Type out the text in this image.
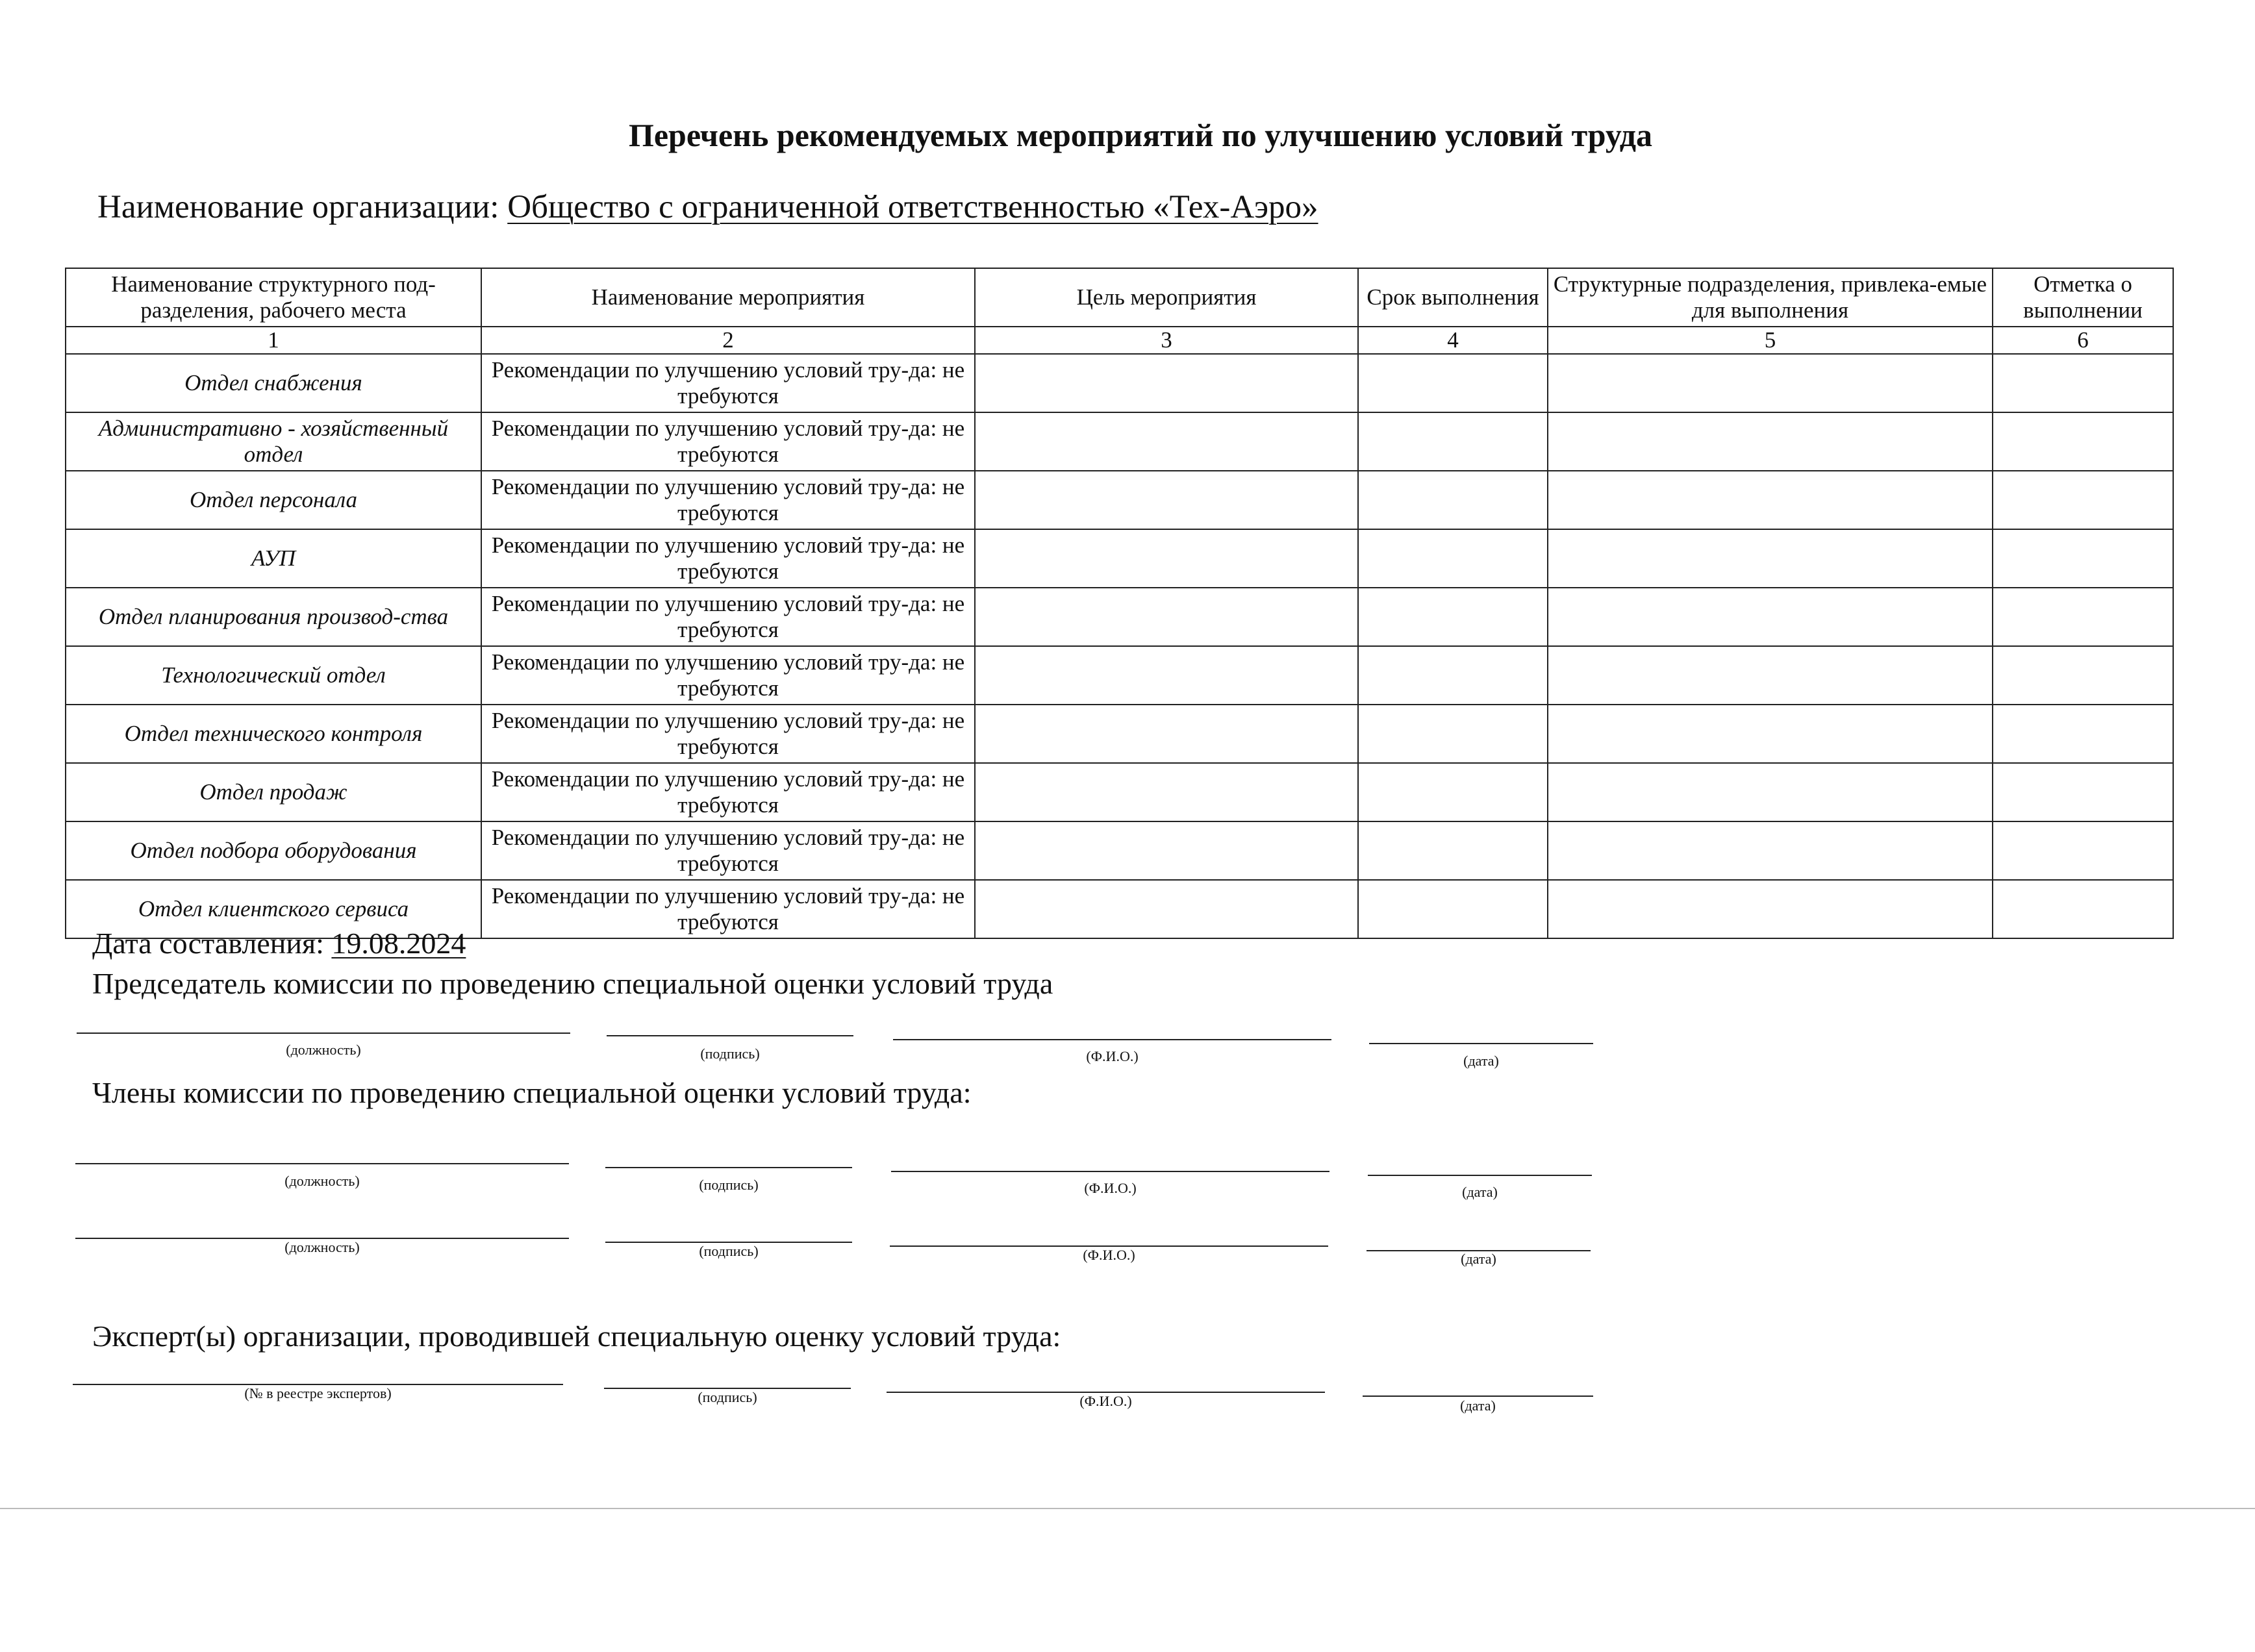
Перечень рекомендуемых мероприятий по улучшению условий труда
Наименование организации: Общество с ограниченной ответственностью «Тех-Аэро»
Наименование структурного под-разделения, рабочего места	Наименование мероприятия	Цель мероприятия	Срок выполнения	Структурные подразделения, привлека-емые для выполнения	Отметка о выполнении
1	2	3	4	5	6
Отдел снабжения	Рекомендации по улучшению условий тру-да: не требуются				
Административно - хозяйственный отдел	Рекомендации по улучшению условий тру-да: не требуются				
Отдел персонала	Рекомендации по улучшению условий тру-да: не требуются				
АУП	Рекомендации по улучшению условий тру-да: не требуются				
Отдел планирования производ-ства	Рекомендации по улучшению условий тру-да: не требуются				
Технологический отдел	Рекомендации по улучшению условий тру-да: не требуются				
Отдел технического контроля	Рекомендации по улучшению условий тру-да: не требуются				
Отдел продаж	Рекомендации по улучшению условий тру-да: не требуются				
Отдел подбора оборудования	Рекомендации по улучшению условий тру-да: не требуются				
Отдел клиентского сервиса	Рекомендации по улучшению условий тру-да: не требуются				
Дата составления: 19.08.2024
Председатель комиссии по проведению специальной оценки условий труда
(должность)	(подпись)	(Ф.И.О.)	(дата)
Члены комиссии по проведению специальной оценки условий труда:
(должность)	(подпись)	(Ф.И.О.)	(дата)
(должность)	(подпись)	(Ф.И.О.)	(дата)
Эксперт(ы) организации, проводившей специальную оценку условий труда:
(№ в реестре экспертов)	(подпись)	(Ф.И.О.)	(дата)
